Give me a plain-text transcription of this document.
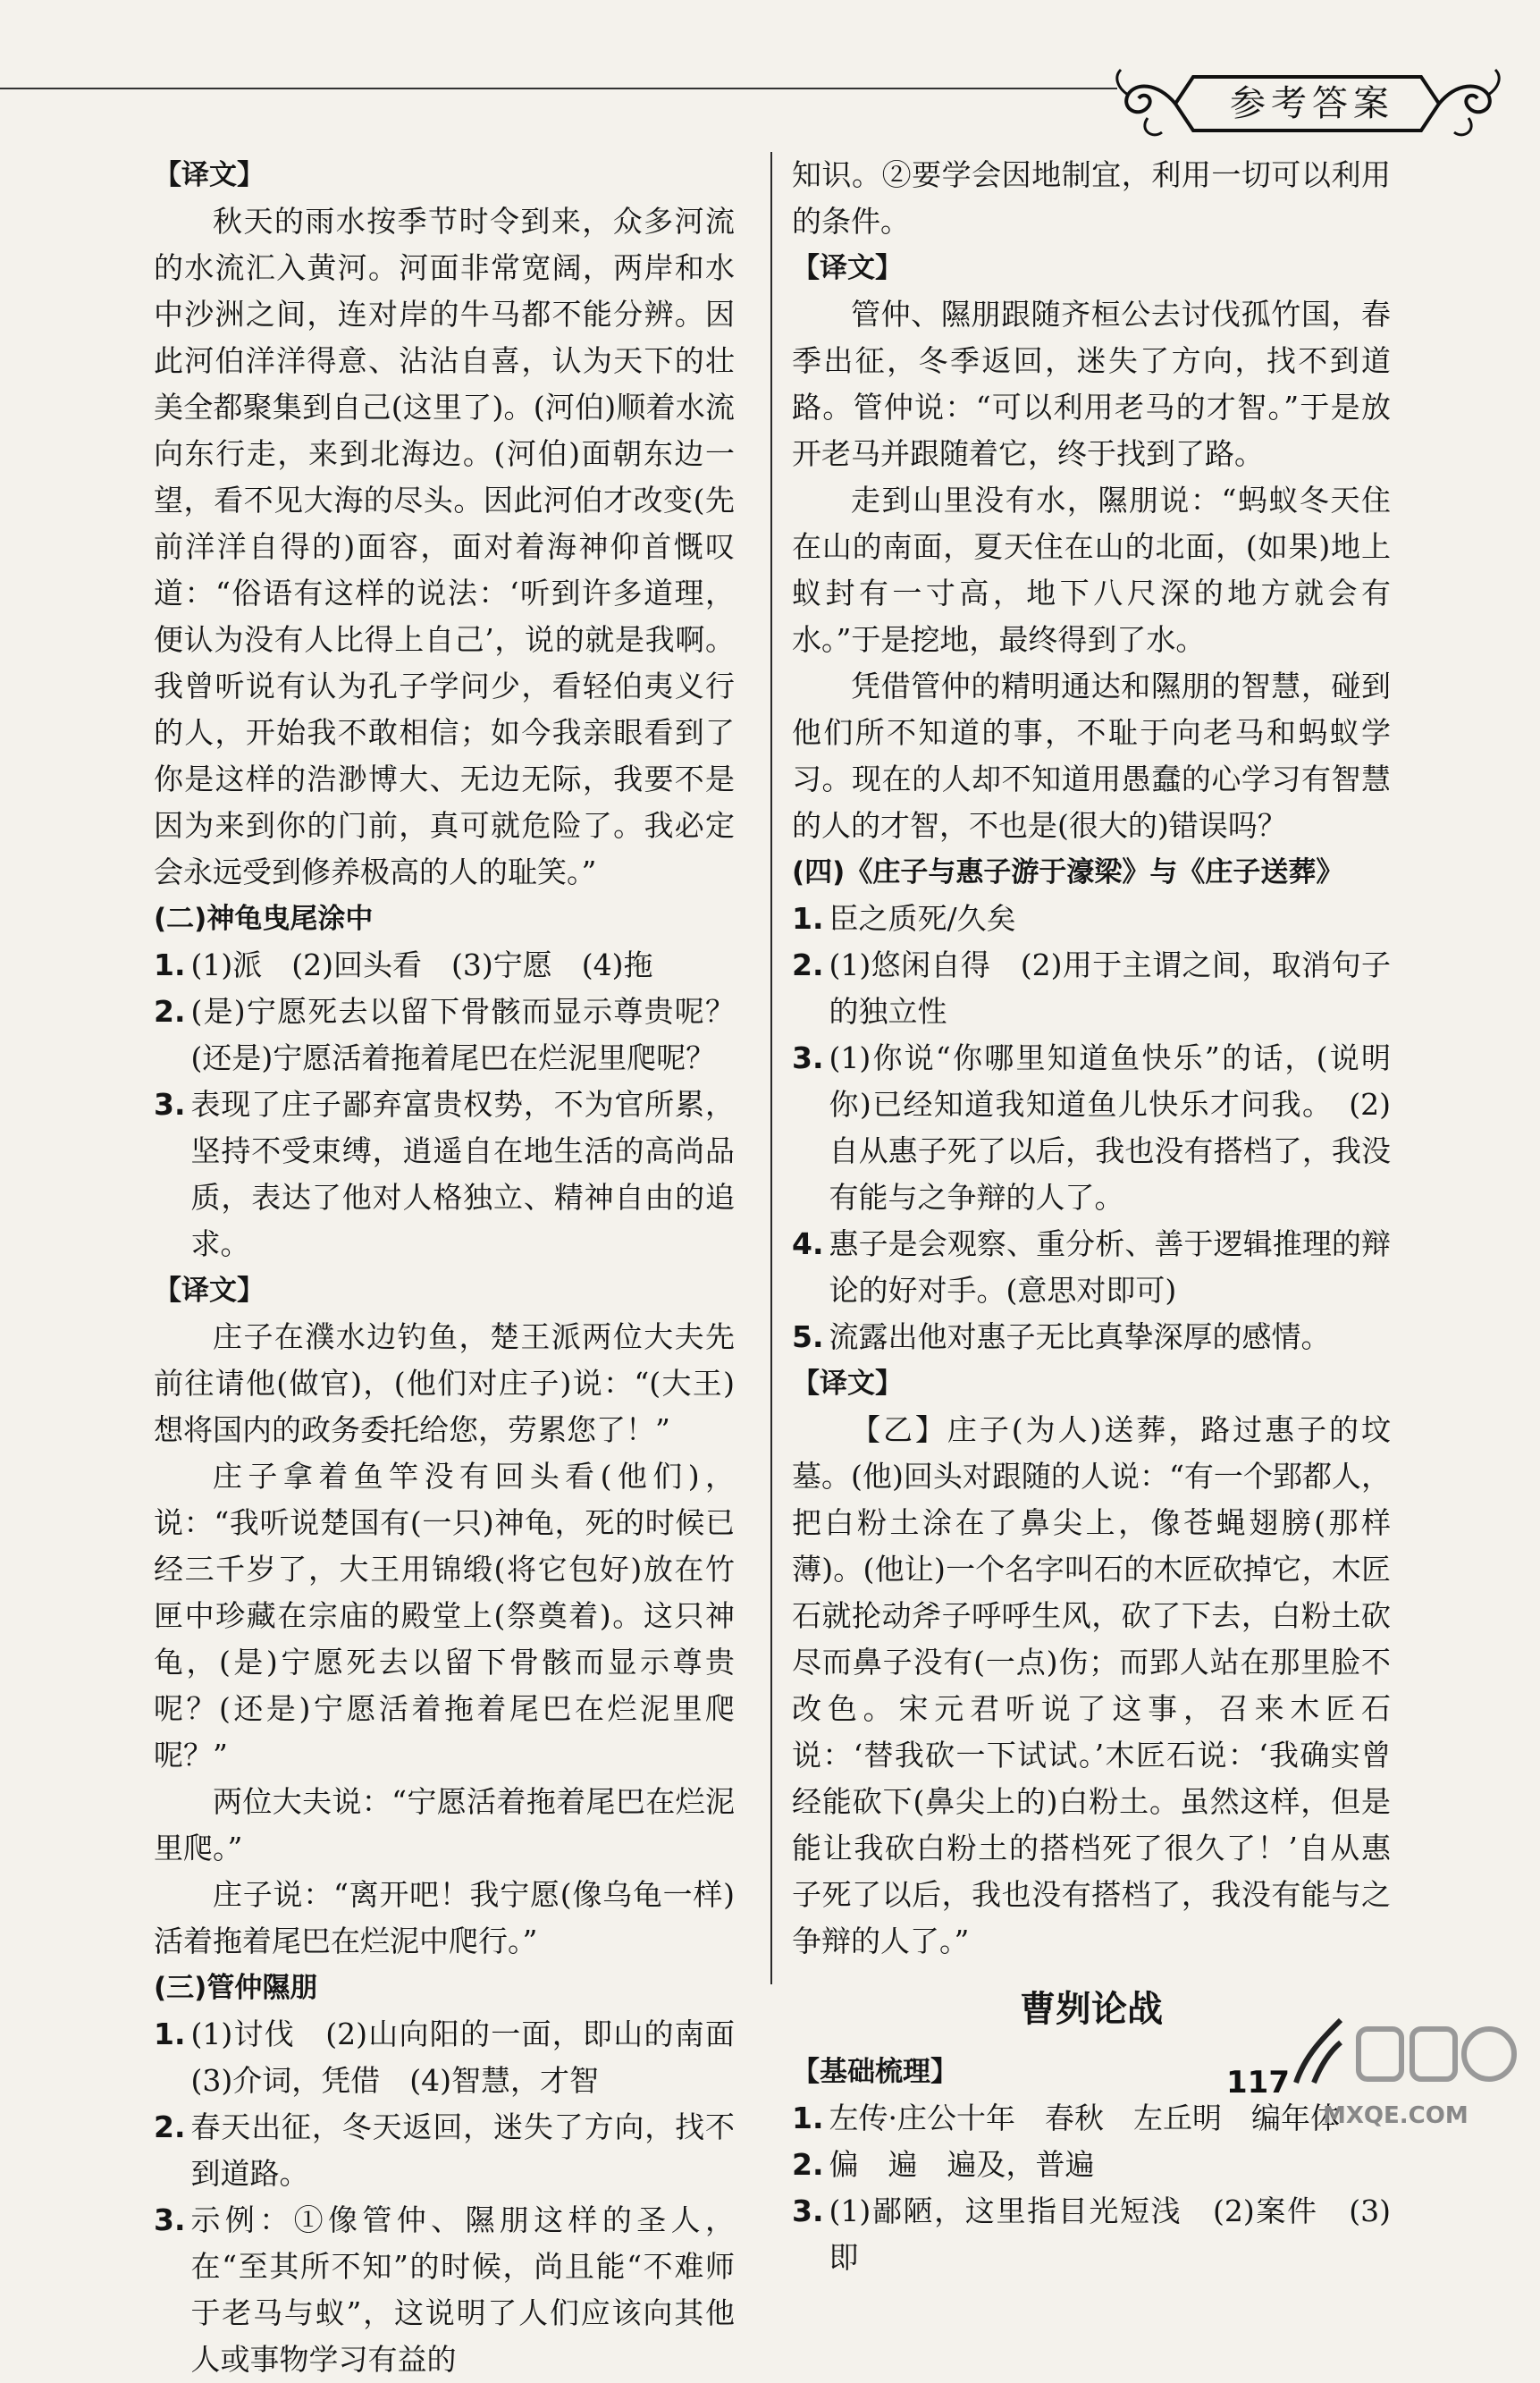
参考答案

【译文】

秋天的雨水按季节时令到来，众多河流的水流汇入黄河。河面非常宽阔，两岸和水中沙洲之间，连对岸的牛马都不能分辨。因此河伯洋洋得意、沾沾自喜，认为天下的壮美全都聚集到自己(这里了)。(河伯)顺着水流向东行走，来到北海边。(河伯)面朝东边一望，看不见大海的尽头。因此河伯才改变(先前洋洋自得的)面容，面对着海神仰首慨叹道：“俗语有这样的说法：‘听到许多道理，便认为没有人比得上自己’，说的就是我啊。我曾听说有认为孔子学问少，看轻伯夷义行的人，开始我不敢相信；如今我亲眼看到了你是这样的浩渺博大、无边无际，我要不是因为来到你的门前，真可就危险了。我必定会永远受到修养极高的人的耻笑。”

(二)神龟曳尾涂中

1. (1)派　(2)回头看　(3)宁愿　(4)拖
2. (是)宁愿死去以留下骨骸而显示尊贵呢？(还是)宁愿活着拖着尾巴在烂泥里爬呢？
3. 表现了庄子鄙弃富贵权势，不为官所累，坚持不受束缚，逍遥自在地生活的高尚品质，表达了他对人格独立、精神自由的追求。

【译文】

庄子在濮水边钓鱼，楚王派两位大夫先前往请他(做官)，(他们对庄子)说：“(大王)想将国内的政务委托给您，劳累您了！”

庄子拿着鱼竿没有回头看(他们)，说：“我听说楚国有(一只)神龟，死的时候已经三千岁了，大王用锦缎(将它包好)放在竹匣中珍藏在宗庙的殿堂上(祭奠着)。这只神龟，(是)宁愿死去以留下骨骸而显示尊贵呢？(还是)宁愿活着拖着尾巴在烂泥里爬呢？”

两位大夫说：“宁愿活着拖着尾巴在烂泥里爬。”

庄子说：“离开吧！我宁愿(像乌龟一样)活着拖着尾巴在烂泥中爬行。”

(三)管仲隰朋

1. (1)讨伐　(2)山向阳的一面，即山的南面　(3)介词，凭借　(4)智慧，才智
2. 春天出征，冬天返回，迷失了方向，找不到道路。
3. 示例：①像管仲、隰朋这样的圣人，在“至其所不知”的时候，尚且能“不难师于老马与蚁”，这说明了人们应该向其他人或事物学习有益的

知识。②要学会因地制宜，利用一切可以利用的条件。

【译文】

管仲、隰朋跟随齐桓公去讨伐孤竹国，春季出征，冬季返回，迷失了方向，找不到道路。管仲说：“可以利用老马的才智。”于是放开老马并跟随着它，终于找到了路。

走到山里没有水，隰朋说：“蚂蚁冬天住在山的南面，夏天住在山的北面，(如果)地上蚁封有一寸高，地下八尺深的地方就会有水。”于是挖地，最终得到了水。

凭借管仲的精明通达和隰朋的智慧，碰到他们所不知道的事，不耻于向老马和蚂蚁学习。现在的人却不知道用愚蠢的心学习有智慧的人的才智，不也是(很大的)错误吗？

(四)《庄子与惠子游于濠梁》与《庄子送葬》

1. 臣之质死/久矣
2. (1)悠闲自得　(2)用于主谓之间，取消句子的独立性
3. (1)你说“你哪里知道鱼快乐”的话，(说明你)已经知道我知道鱼儿快乐才问我。　(2)自从惠子死了以后，我也没有搭档了，我没有能与之争辩的人了。
4. 惠子是会观察、重分析、善于逻辑推理的辩论的好对手。(意思对即可)
5. 流露出他对惠子无比真挚深厚的感情。

【译文】

【乙】庄子(为人)送葬，路过惠子的坟墓。(他)回头对跟随的人说：“有一个郢都人，把白粉土涂在了鼻尖上，像苍蝇翅膀(那样薄)。(他让)一个名字叫石的木匠砍掉它，木匠石就抡动斧子呼呼生风，砍了下去，白粉土砍尽而鼻子没有(一点)伤；而郢人站在那里脸不改色。宋元君听说了这事，召来木匠石说：‘替我砍一下试试。’木匠石说：‘我确实曾经能砍下(鼻尖上的)白粉土。虽然这样，但是能让我砍白粉土的搭档死了很久了！’自从惠子死了以后，我也没有搭档了，我没有能与之争辩的人了。”

曹刿论战

【基础梳理】

1. 左传·庄公十年　春秋　左丘明　编年体
2. 偏　遍　遍及，普遍
3. (1)鄙陋，这里指目光短浅　(2)案件　(3)即
117
MXQE.COM
